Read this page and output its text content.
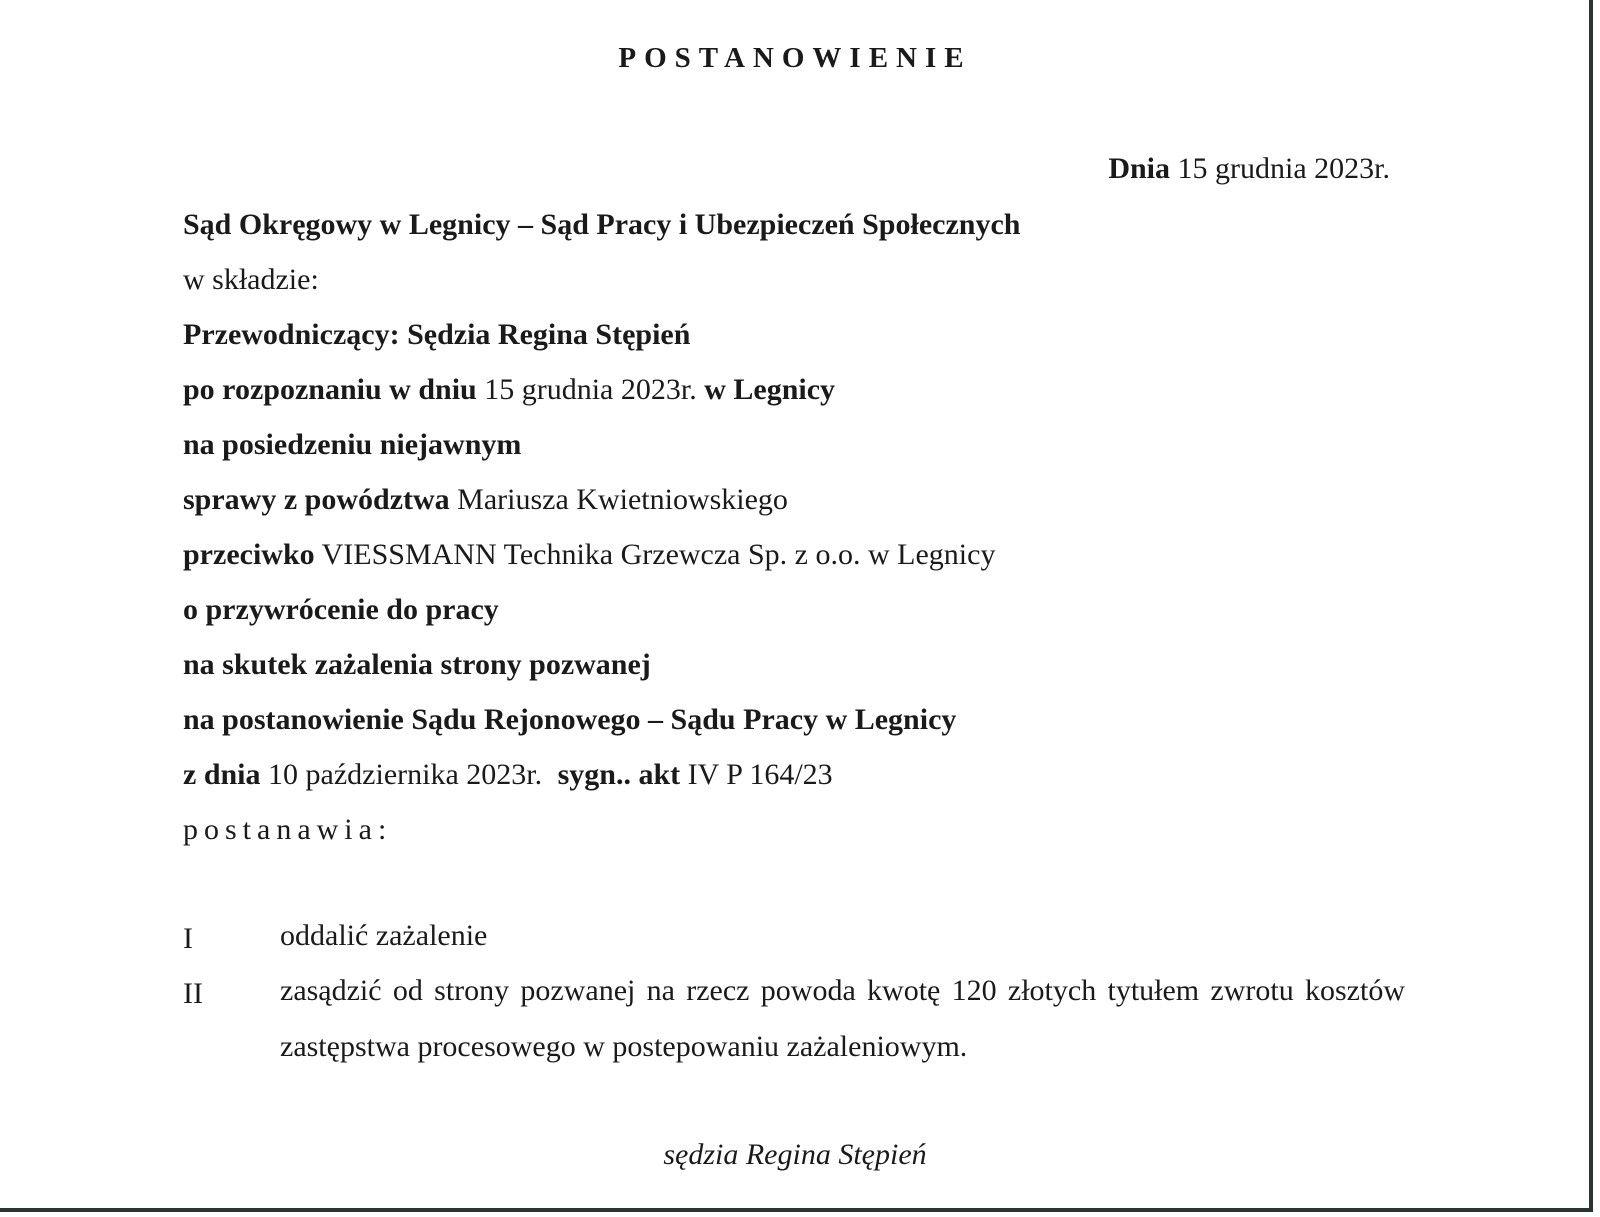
POSTANOWIENIE
Dnia 15 grudnia 2023r.
Sąd Okręgowy w Legnicy – Sąd Pracy i Ubezpieczeń Społecznych
w składzie:
Przewodniczący: Sędzia Regina Stępień
po rozpoznaniu w dniu 15 grudnia 2023r. w Legnicy
na posiedzeniu niejawnym
sprawy z powództwa Mariusza Kwietniowskiego
przeciwko VIESSMANN Technika Grzewcza Sp. z o.o. w Legnicy
o przywrócenie do pracy
na skutek zażalenia strony pozwanej
na postanowienie Sądu Rejonowego – Sądu Pracy w Legnicy
z dnia 10 października 2023r. sygn.. akt IV P 164/23
postanawia:
I	oddalić zażalenie
II	zasądzić od strony pozwanej na rzecz powoda kwotę 120 złotych tytułem zwrotu kosztów zastępstwa procesowego w postepowaniu zażaleniowym.
sędzia Regina Stępień
